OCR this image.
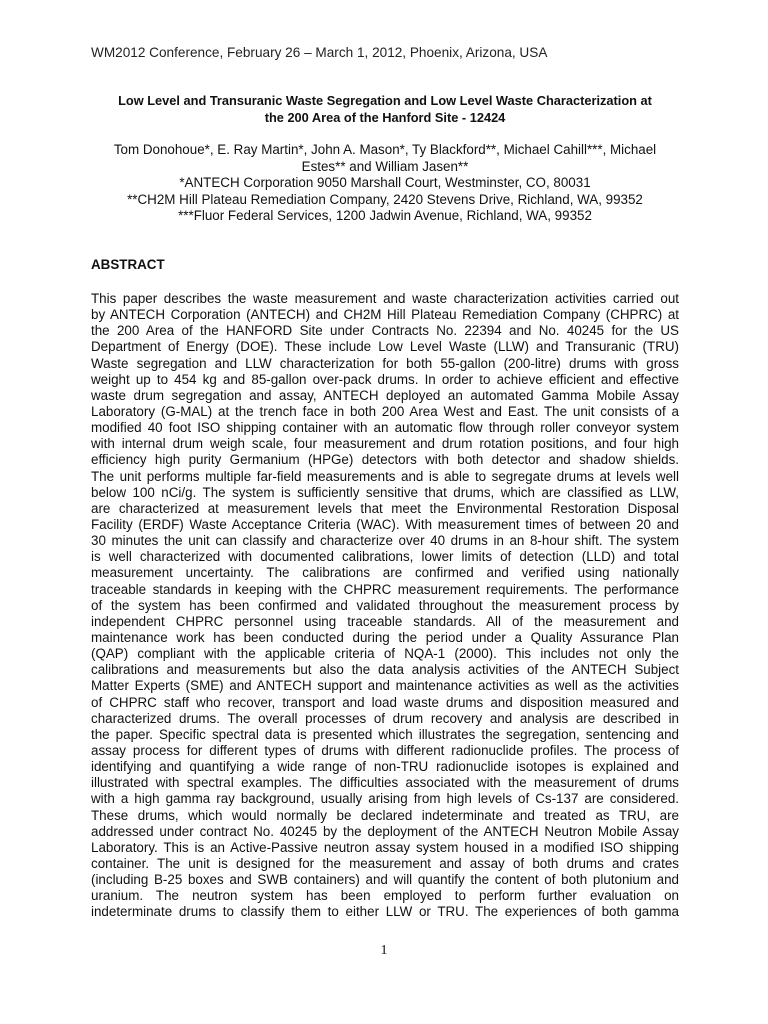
WM2012 Conference, February 26 – March 1, 2012, Phoenix, Arizona, USA
Low Level and Transuranic Waste Segregation and Low Level Waste Characterization at
the 200 Area of the Hanford Site - 12424
Tom Donohoue*, E. Ray Martin*, John A. Mason*, Ty Blackford**, Michael Cahill***, Michael
Estes** and William Jasen**
*ANTECH Corporation 9050 Marshall Court, Westminster, CO, 80031
**CH2M Hill Plateau Remediation Company, 2420 Stevens Drive, Richland, WA, 99352
***Fluor Federal Services, 1200 Jadwin Avenue, Richland, WA, 99352
ABSTRACT
This paper describes the waste measurement and waste characterization activities carried out
by ANTECH Corporation (ANTECH) and CH2M Hill Plateau Remediation Company (CHPRC) at
the 200 Area of the HANFORD Site under Contracts No. 22394 and No. 40245 for the US
Department of Energy (DOE). These include Low Level Waste (LLW) and Transuranic (TRU)
Waste segregation and LLW characterization for both 55-gallon (200-litre) drums with gross
weight up to 454 kg and 85-gallon over-pack drums. In order to achieve efficient and effective
waste drum segregation and assay, ANTECH deployed an automated Gamma Mobile Assay
Laboratory (G-MAL) at the trench face in both 200 Area West and East. The unit consists of a
modified 40 foot ISO shipping container with an automatic flow through roller conveyor system
with internal drum weigh scale, four measurement and drum rotation positions, and four high
efficiency high purity Germanium (HPGe) detectors with both detector and shadow shields.
The unit performs multiple far-field measurements and is able to segregate drums at levels well
below 100 nCi/g. The system is sufficiently sensitive that drums, which are classified as LLW,
are characterized at measurement levels that meet the Environmental Restoration Disposal
Facility (ERDF) Waste Acceptance Criteria (WAC). With measurement times of between 20 and
30 minutes the unit can classify and characterize over 40 drums in an 8-hour shift. The system
is well characterized with documented calibrations, lower limits of detection (LLD) and total
measurement uncertainty. The calibrations are confirmed and verified using nationally
traceable standards in keeping with the CHPRC measurement requirements. The performance
of the system has been confirmed and validated throughout the measurement process by
independent CHPRC personnel using traceable standards. All of the measurement and
maintenance work has been conducted during the period under a Quality Assurance Plan
(QAP) compliant with the applicable criteria of NQA-1 (2000). This includes not only the
calibrations and measurements but also the data analysis activities of the ANTECH Subject
Matter Experts (SME) and ANTECH support and maintenance activities as well as the activities
of CHPRC staff who recover, transport and load waste drums and disposition measured and
characterized drums. The overall processes of drum recovery and analysis are described in
the paper. Specific spectral data is presented which illustrates the segregation, sentencing and
assay process for different types of drums with different radionuclide profiles. The process of
identifying and quantifying a wide range of non-TRU radionuclide isotopes is explained and
illustrated with spectral examples. The difficulties associated with the measurement of drums
with a high gamma ray background, usually arising from high levels of Cs-137 are considered.
These drums, which would normally be declared indeterminate and treated as TRU, are
addressed under contract No. 40245 by the deployment of the ANTECH Neutron Mobile Assay
Laboratory. This is an Active-Passive neutron assay system housed in a modified ISO shipping
container. The unit is designed for the measurement and assay of both drums and crates
(including B-25 boxes and SWB containers) and will quantify the content of both plutonium and
uranium. The neutron system has been employed to perform further evaluation on
indeterminate drums to classify them to either LLW or TRU. The experiences of both gamma
1
